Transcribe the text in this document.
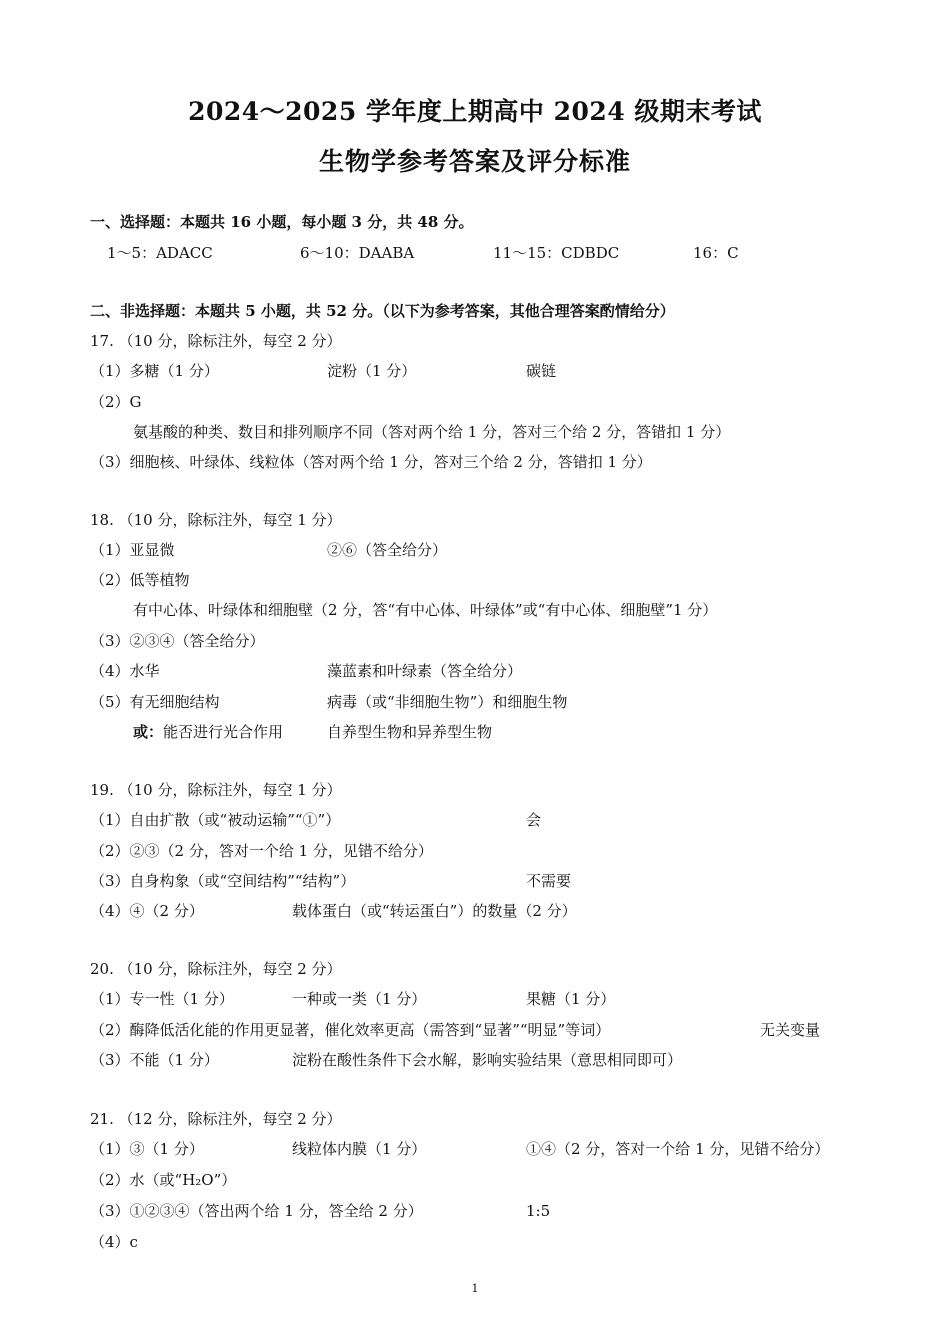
2024～2025 学年度上期高中 2024 级期末考试
生物学参考答案及评分标准
一、选择题：本题共 16 小题，每小题 3 分，共 48 分。
1～5：ADACC	6～10：DAABA	11～15：CDBDC	16：C
二、非选择题：本题共 5 小题，共 52 分。（以下为参考答案，其他合理答案酌情给分）
17. （10 分，除标注外，每空 2 分）
（1）多糖（1 分）	淀粉（1 分）	碳链
（2）G
氨基酸的种类、数目和排列顺序不同（答对两个给 1 分，答对三个给 2 分，答错扣 1 分）
（3）细胞核、叶绿体、线粒体（答对两个给 1 分，答对三个给 2 分，答错扣 1 分）
18. （10 分，除标注外，每空 1 分）
（1）亚显微	②⑥（答全给分）
（2）低等植物
有中心体、叶绿体和细胞壁（2 分，答“有中心体、叶绿体”或“有中心体、细胞壁”1 分）
（3）②③④（答全给分）
（4）水华	藻蓝素和叶绿素（答全给分）
（5）有无细胞结构	病毒（或“非细胞生物”）和细胞生物
或：能否进行光合作用	自养型生物和异养型生物
19. （10 分，除标注外，每空 1 分）
（1）自由扩散（或“被动运输”“①”）	会
（2）②③（2 分，答对一个给 1 分，见错不给分）
（3）自身构象（或“空间结构”“结构”）	不需要
（4）④（2 分）	载体蛋白（或“转运蛋白”）的数量（2 分）
20. （10 分，除标注外，每空 2 分）
（1）专一性（1 分）	一种或一类（1 分）	果糖（1 分）
（2）酶降低活化能的作用更显著，催化效率更高（需答到“显著”“明显”等词）	无关变量
（3）不能（1 分）	淀粉在酸性条件下会水解，影响实验结果（意思相同即可）
21. （12 分，除标注外，每空 2 分）
（1）③（1 分）	线粒体内膜（1 分）	①④（2 分，答对一个给 1 分，见错不给分）
（2）水（或“H₂O”）
（3）①②③④（答出两个给 1 分，答全给 2 分）	1:5
（4）c
1
